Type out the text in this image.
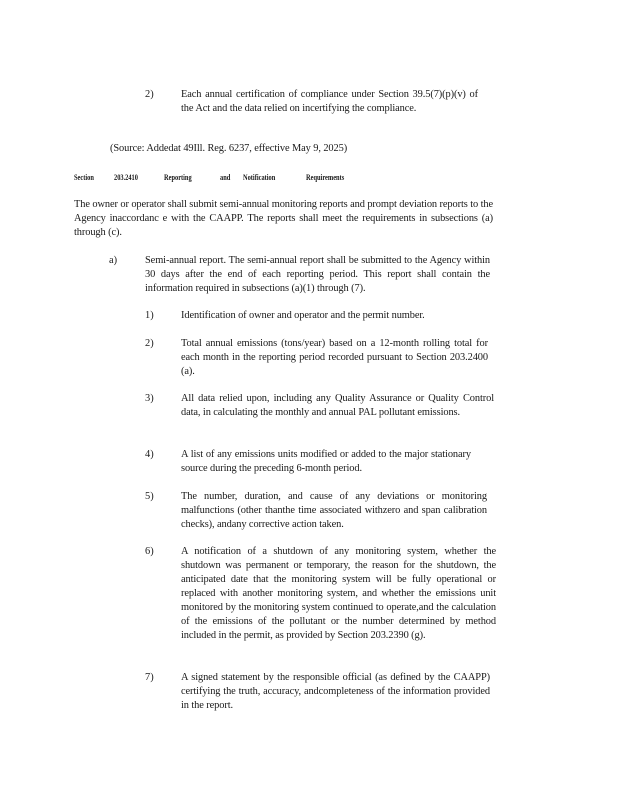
2)	Each annual certification of compliance under Section 39.5(7)(p)(v) of the Act and the data relied on incertifying the compliance.
(Source: Addedat 49Ill. Reg. 6237, effective May 9, 2025)
Section 203.2410	Reporting	and Notification	Requirements
The owner or operator shall submit semi-annual monitoring reports and prompt deviation reports to the Agency inaccordanc e with the CAAPP. The reports shall meet the requirements in subsections (a) through (c).
a)	Semi-annual report. The semi-annual report shall be submitted to the Agency within 30 days after the end of each reporting period. This report shall contain the information required in subsections (a)(1) through (7).
1)	Identification of owner and operator and the permit number.
2)	Total annual emissions (tons/year) based on a 12-month rolling total for each month in the reporting period recorded pursuant to Section 203.2400 (a).
3)	All data relied upon, including any Quality Assurance or Quality Control data, in calculating the monthly and annual PAL pollutant emissions.
4)	A list of any emissions units modified or added to the major stationary source during the preceding 6-month period.
5)	The number, duration, and cause of any deviations or monitoring malfunctions (other thanthe time associated withzero and span calibration checks), andany corrective action taken.
6)	A notification of a shutdown of any monitoring system, whether the shutdown was permanent or temporary, the reason for the shutdown, the anticipated date that the monitoring system will be fully operational or replaced with another monitoring system, and whether the emissions unit monitored by the monitoring system continued to operate,and the calculation of the emissions of the pollutant or the number determined by method included in the permit, as provided by Section 203.2390 (g).
7)	A signed statement by the responsible official (as defined by the CAAPP) certifying the truth, accuracy, andcompleteness of the information provided in the report.
